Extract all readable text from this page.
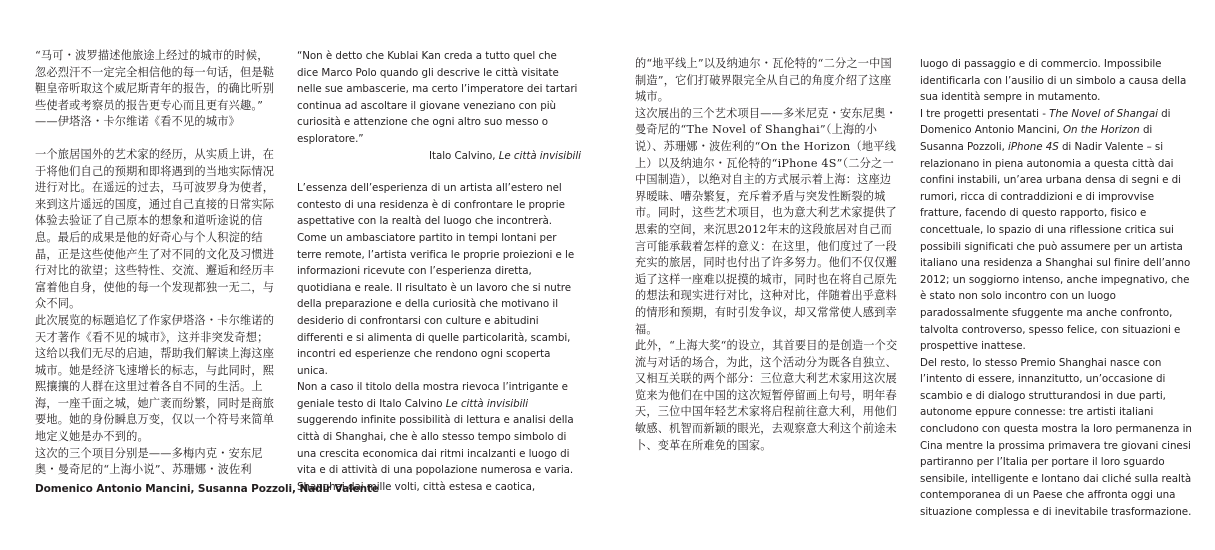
“马可・波罗描述他旅途上经过的城市的时候，忽必烈汗不一定完全相信他的每一句话，但是鞑靼皇帝听取这个威尼斯青年的报告，的确比听别些使者或考察员的报告更专心而且更有兴趣。”

——伊塔洛・卡尔维诺《看不见的城市》

一个旅居国外的艺术家的经历，从实质上讲，在于将他们自己的预期和即将遇到的当地实际情况进行对比。在遥远的过去，马可波罗身为使者，来到这片遥远的国度，通过自己直接的日常实际体验去验证了自己原本的想象和道听途说的信息。最后的成果是他的好奇心与个人积淀的结晶，正是这些使他产生了对不同的文化及习惯进行对比的欲望；这些特性、交流、邂逅和经历丰富着他自身，使他的每一个发现都独一无二，与众不同。

此次展览的标题追忆了作家伊塔洛・卡尔维诺的天才著作《看不见的城市》，这并非突发奇想；这给以我们无尽的启迪，帮助我们解读上海这座城市。她是经济飞速增长的标志，与此同时，熙熙攘攘的人群在这里过着各自不同的生活。上海，一座千面之城，她广袤而纷繁，同时是商旅要地。她的身份瞬息万变，仅以一个符号来简单地定义她是办不到的。

这次的三个项目分别是——多梅内克・安东尼奥・曼奇尼的“上海小说”、苏珊娜・波佐利

“Non è detto che Kublai Kan creda a tutto quel che dice Marco Polo quando gli descrive le città visitate nelle sue ambascerie, ma certo l’imperatore dei tartari continua ad ascoltare il giovane veneziano con più curiosità e attenzione che ogni altro suo messo o esploratore.”

Italo Calvino, Le città invisibili

L’essenza dell’esperienza di un artista all’estero nel contesto di una residenza è di confrontare le proprie aspettative con la realtà del luogo che incontrerà. Come un ambasciatore partito in tempi lontani per terre remote, l’artista verifica le proprie proiezioni e le informazioni ricevute con l’esperienza diretta, quotidiana e reale. Il risultato è un lavoro che si nutre della preparazione e della curiosità che motivano il desiderio di confrontarsi con culture e abitudini differenti e si alimenta di quelle particolarità, scambi, incontri ed esperienze che rendono ogni scoperta unica.

Non a caso il titolo della mostra rievoca l’intrigante e geniale testo di Italo Calvino Le città invisibili suggerendo infinite possibilità di lettura e analisi della città di Shanghai, che è allo stesso tempo simbolo di una crescita economica dai ritmi incalzanti e luogo di vita e di attività di una popolazione numerosa e varia. Shanghai dai mille volti, città estesa e caotica,

的“地平线上”以及纳迪尔・瓦伦特的“二分之一中国制造”，它们打破界限完全从自己的角度介绍了这座城市。

这次展出的三个艺术项目——多米尼克・安东尼奥・曼奇尼的“The Novel of Shanghai”（上海的小说）、苏珊娜・波佐利的“On the Horizon（地平线上）以及纳迪尔・瓦伦特的“iPhone 4S”（二分之一中国制造），以绝对自主的方式展示着上海：这座边界暧昧、嘈杂繁复，充斥着矛盾与突发性断裂的城市。同时，这些艺术项目，也为意大利艺术家提供了思索的空间，来沉思2012年末的这段旅居对自己而言可能承载着怎样的意义：在这里，他们度过了一段充实的旅居，同时也付出了许多努力。他们不仅仅邂逅了这样一座难以捉摸的城市，同时也在将自己原先的想法和现实进行对比，这种对比，伴随着出乎意料的情形和预期，有时引发争议，却又常常使人感到幸福。

此外，“上海大奖“的设立，其首要目的是创造一个交流与对话的场合，为此，这个活动分为既各自独立、又相互关联的两个部分：三位意大利艺术家用这次展览来为他们在中国的这次短暂停留画上句号，明年春天，三位中国年轻艺术家将启程前往意大利，用他们敏感、机智而新颖的眼光，去观察意大利这个前途未卜、变革在所难免的国家。

luogo di passaggio e di commercio. Impossibile identificarla con l’ausilio di un simbolo a causa della sua identità sempre in mutamento.

I tre progetti presentati - The Novel of Shangai di Domenico Antonio Mancini, On the Horizon di Susanna Pozzoli, iPhone 4S di Nadir Valente – si relazionano in piena autonomia a questa città dai confini instabili, un’area urbana densa di segni e di rumori, ricca di contraddizioni e di improvvise fratture, facendo di questo rapporto, fisico e concettuale, lo spazio di una riflessione critica sui possibili significati che può assumere per un artista italiano una residenza a Shanghai sul finire dell’anno 2012; un soggiorno intenso, anche impegnativo, che è stato non solo incontro con un luogo paradossalmente sfuggente ma anche confronto, talvolta controverso, spesso felice, con situazioni e prospettive inattese.

Del resto, lo stesso Premio Shanghai nasce con l’intento di essere, innanzitutto, un’occasione di scambio e di dialogo strutturandosi in due parti, autonome eppure connesse: tre artisti italiani concludono con questa mostra la loro permanenza in Cina mentre la prossima primavera tre giovani cinesi partiranno per l’Italia per portare il loro sguardo sensibile, intelligente e lontano dai cliché sulla realtà contemporanea di un Paese che affronta oggi una situazione complessa e di inevitabile trasformazione.

Domenico Antonio Mancini, Susanna Pozzoli, Nadir Valente
